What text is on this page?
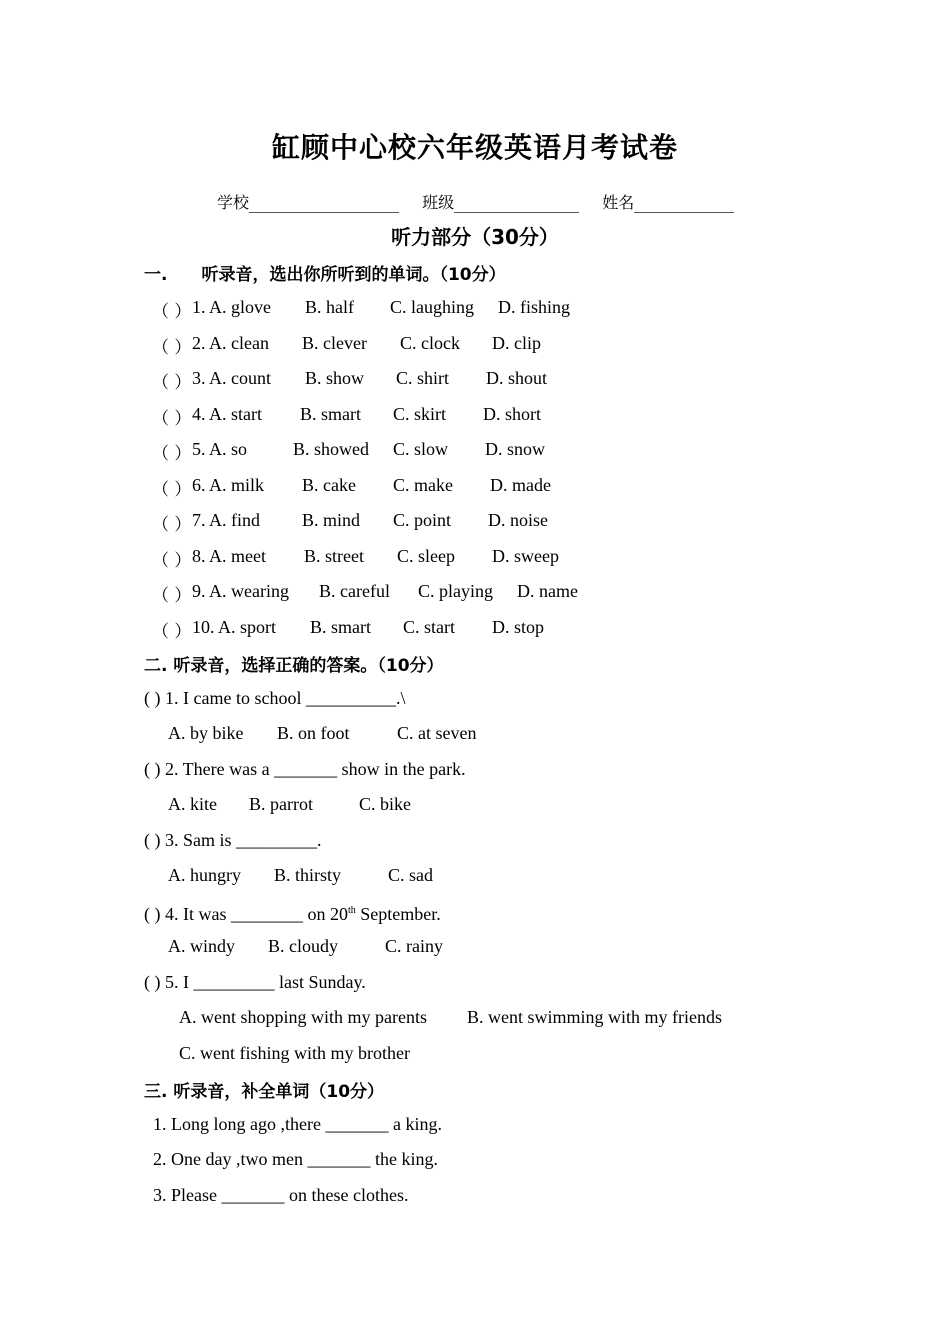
缸顾中心校六年级英语月考试卷
学校	班级	姓名
听力部分（30分）
一.　　听录音，选出你所听到的单词。（10分）
（ ） 1. A. glove B. half C. laughing D. fishing
（ ） 2. A. clean B. clever C. clock D. clip
（ ） 3. A. count B. show C. shirt D. shout
（ ） 4. A. start B. smart C. skirt D. short
（ ） 5. A. so	B. showed C. slow D. snow
（ ） 6. A. milk B. cake C. make D. made
（ ） 7. A. find B. mind C. point D. noise
（ ） 8. A. meet B. street C. sleep D. sweep
（ ） 9. A. wearing B. careful C. playing D. name
（ ） 10. A. sport B. smart C. start D. stop
二. 听录音，选择正确的答案。（10分）
( ) 1. I came to school __________.\
A. by bike B. on foot	C. at seven
( ) 2. There was a _______ show in the park.
A. kite B. parrot	C. bike
( ) 3. Sam is _________.
A. hungry B. thirsty	C. sad
( ) 4. It was ________ on 20th September.
A. windy B. cloudy	C. rainy
( ) 5. I _________ last Sunday.
A. went shopping with my parents B. went swimming with my friends
C. went fishing with my brother
三. 听录音，补全单词（10分）
1. Long long ago ,there _______ a king.
2. One day ,two men _______ the king.
3. Please _______ on these clothes.
